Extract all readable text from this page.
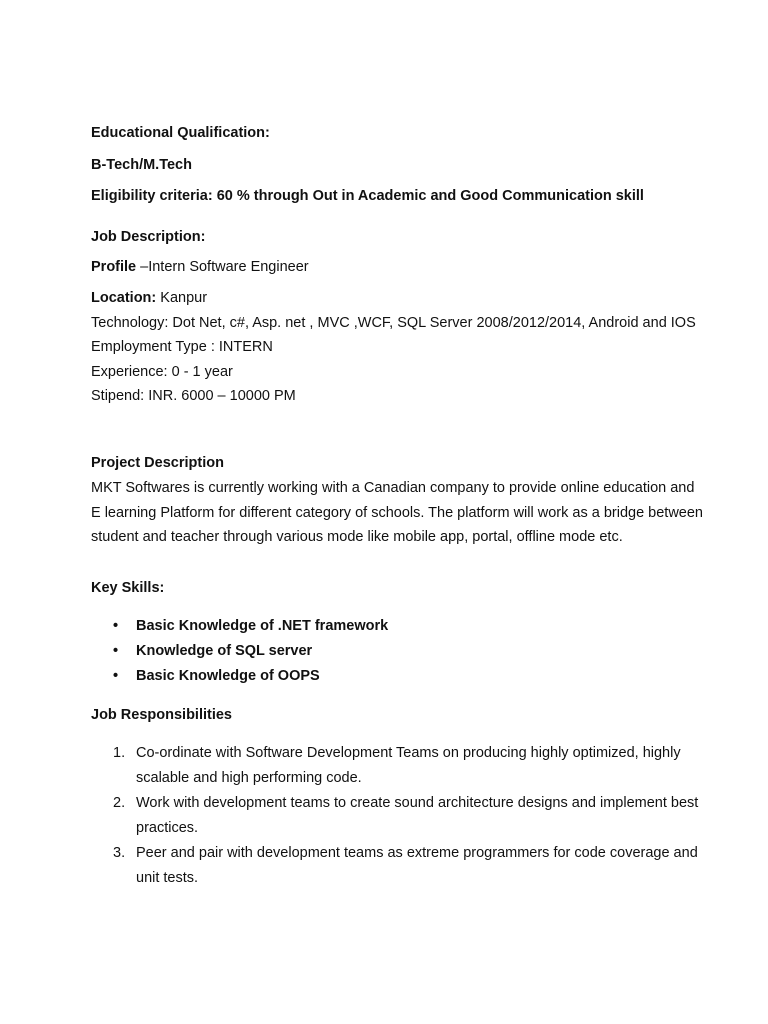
Educational Qualification:
B-Tech/M.Tech
Eligibility criteria: 60 % through Out in Academic and Good Communication skill
Job Description:
Profile –Intern Software Engineer
Location: Kanpur
Technology: Dot Net, c#, Asp. net , MVC ,WCF, SQL Server 2008/2012/2014, Android and IOS
Employment Type : INTERN
Experience: 0 - 1 year
Stipend: INR. 6000 – 10000 PM
Project Description
MKT Softwares is currently working with a Canadian company to provide online education and
E learning Platform for different category of schools. The platform will work as a bridge between
student and teacher through various mode like mobile app, portal, offline mode etc.
Key Skills:
• Basic Knowledge of .NET framework
• Knowledge of SQL server
• Basic Knowledge of OOPS
Job Responsibilities
1. Co-ordinate with Software Development Teams on producing highly optimized, highly
scalable and high performing code.
2. Work with development teams to create sound architecture designs and implement best
practices.
3. Peer and pair with development teams as extreme programmers for code coverage and
unit tests.
